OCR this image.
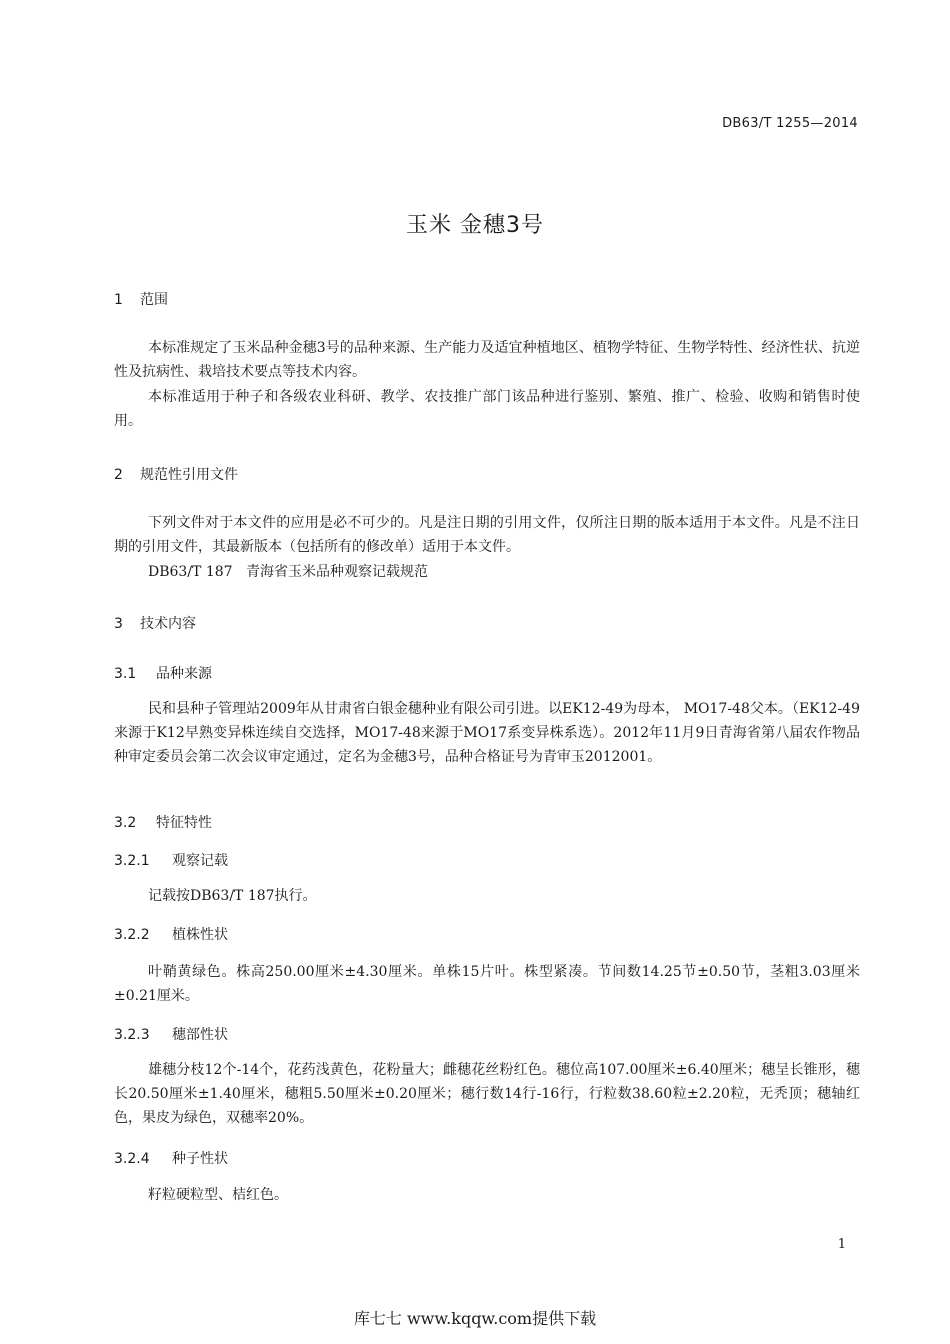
DB63/T 1255—2014
玉米 金穗3号
1 范围
本标准规定了玉米品种金穗3号的品种来源、生产能力及适宜种植地区、植物学特征、生物学特性、经济性状、抗逆性及抗病性、栽培技术要点等技术内容。
本标准适用于种子和各级农业科研、教学、农技推广部门该品种进行鉴别、繁殖、推广、检验、收购和销售时使用。
2 规范性引用文件
下列文件对于本文件的应用是必不可少的。凡是注日期的引用文件，仅所注日期的版本适用于本文件。凡是不注日期的引用文件，其最新版本（包括所有的修改单）适用于本文件。
DB63/T 187 青海省玉米品种观察记载规范
3 技术内容
3.1 品种来源
民和县种子管理站2009年从甘肃省白银金穗种业有限公司引进。以EK12-49为母本， MO17-48父本。（EK12-49来源于K12早熟变异株连续自交选择，MO17-48来源于MO17系变异株系选）。2012年11月9日青海省第八届农作物品种审定委员会第二次会议审定通过，定名为金穗3号，品种合格证号为青审玉2012001。
3.2 特征特性
3.2.1 观察记载
记载按DB63/T 187执行。
3.2.2 植株性状
叶鞘黄绿色。株高250.00厘米±4.30厘米。单株15片叶。株型紧凑。节间数14.25节±0.50节，茎粗3.03厘米±0.21厘米。
3.2.3 穗部性状
雄穗分枝12个-14个，花药浅黄色，花粉量大；雌穗花丝粉红色。穗位高107.00厘米±6.40厘米；穗呈长锥形，穗长20.50厘米±1.40厘米，穗粗5.50厘米±0.20厘米；穗行数14行-16行，行粒数38.60粒±2.20粒，无秃顶；穗轴红色，果皮为绿色，双穗率20%。
3.2.4 种子性状
籽粒硬粒型、桔红色。
1
库七七 www.kqqw.com提供下载
